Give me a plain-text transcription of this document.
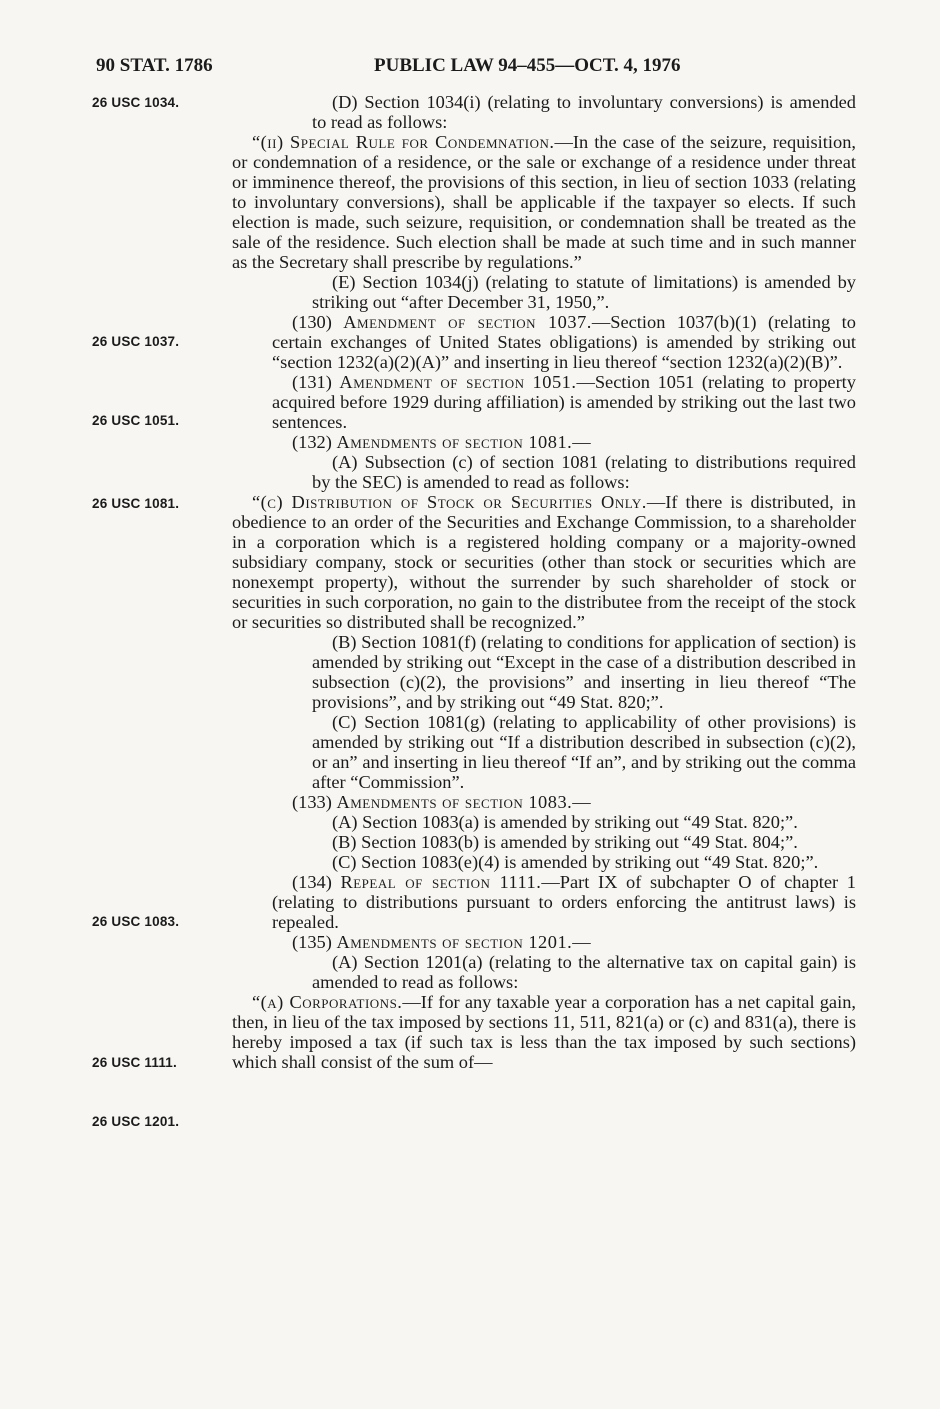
90 STAT. 1786	PUBLIC LAW 94–455—OCT. 4, 1976
26 USC 1034.
26 USC 1037.
26 USC 1051.
26 USC 1081.
26 USC 1083.
26 USC 1111.
26 USC 1201.

(D) Section 1034(i) (relating to involuntary conversions) is amended to read as follows:

“(ii) Special Rule for Condemnation.—In the case of the seizure, requisition, or condemnation of a residence, or the sale or exchange of a residence under threat or imminence thereof, the provisions of this section, in lieu of section 1033 (relating to involuntary conversions), shall be applicable if the taxpayer so elects. If such election is made, such seizure, requisition, or condemnation shall be treated as the sale of the residence. Such election shall be made at such time and in such manner as the Secretary shall prescribe by regulations.”

(E) Section 1034(j) (relating to statute of limitations) is amended by striking out “after December 31, 1950,”.

(130) Amendment of section 1037.—Section 1037(b)(1) (relating to certain exchanges of United States obligations) is amended by striking out “section 1232(a)(2)(A)” and inserting in lieu thereof “section 1232(a)(2)(B)”.

(131) Amendment of section 1051.—Section 1051 (relating to property acquired before 1929 during affiliation) is amended by striking out the last two sentences.

(132) Amendments of section 1081.—

(A) Subsection (c) of section 1081 (relating to distributions required by the SEC) is amended to read as follows:

“(c) Distribution of Stock or Securities Only.—If there is distributed, in obedience to an order of the Securities and Exchange Commission, to a shareholder in a corporation which is a registered holding company or a majority-owned subsidiary company, stock or securities (other than stock or securities which are nonexempt property), without the surrender by such shareholder of stock or securities in such corporation, no gain to the distributee from the receipt of the stock or securities so distributed shall be recognized.”

(B) Section 1081(f) (relating to conditions for application of section) is amended by striking out “Except in the case of a distribution described in subsection (c)(2), the provisions” and inserting in lieu thereof “The provisions”, and by striking out “49 Stat. 820;”.

(C) Section 1081(g) (relating to applicability of other provisions) is amended by striking out “If a distribution described in subsection (c)(2), or an” and inserting in lieu thereof “If an”, and by striking out the comma after “Commission”.

(133) Amendments of section 1083.—

(A) Section 1083(a) is amended by striking out “49 Stat. 820;”.

(B) Section 1083(b) is amended by striking out “49 Stat. 804;”.

(C) Section 1083(e)(4) is amended by striking out “49 Stat. 820;”.

(134) Repeal of section 1111.—Part IX of subchapter O of chapter 1 (relating to distributions pursuant to orders enforcing the antitrust laws) is repealed.

(135) Amendments of section 1201.—

(A) Section 1201(a) (relating to the alternative tax on capital gain) is amended to read as follows:

“(a) Corporations.—If for any taxable year a corporation has a net capital gain, then, in lieu of the tax imposed by sections 11, 511, 821(a) or (c) and 831(a), there is hereby imposed a tax (if such tax is less than the tax imposed by such sections) which shall consist of the sum of—
